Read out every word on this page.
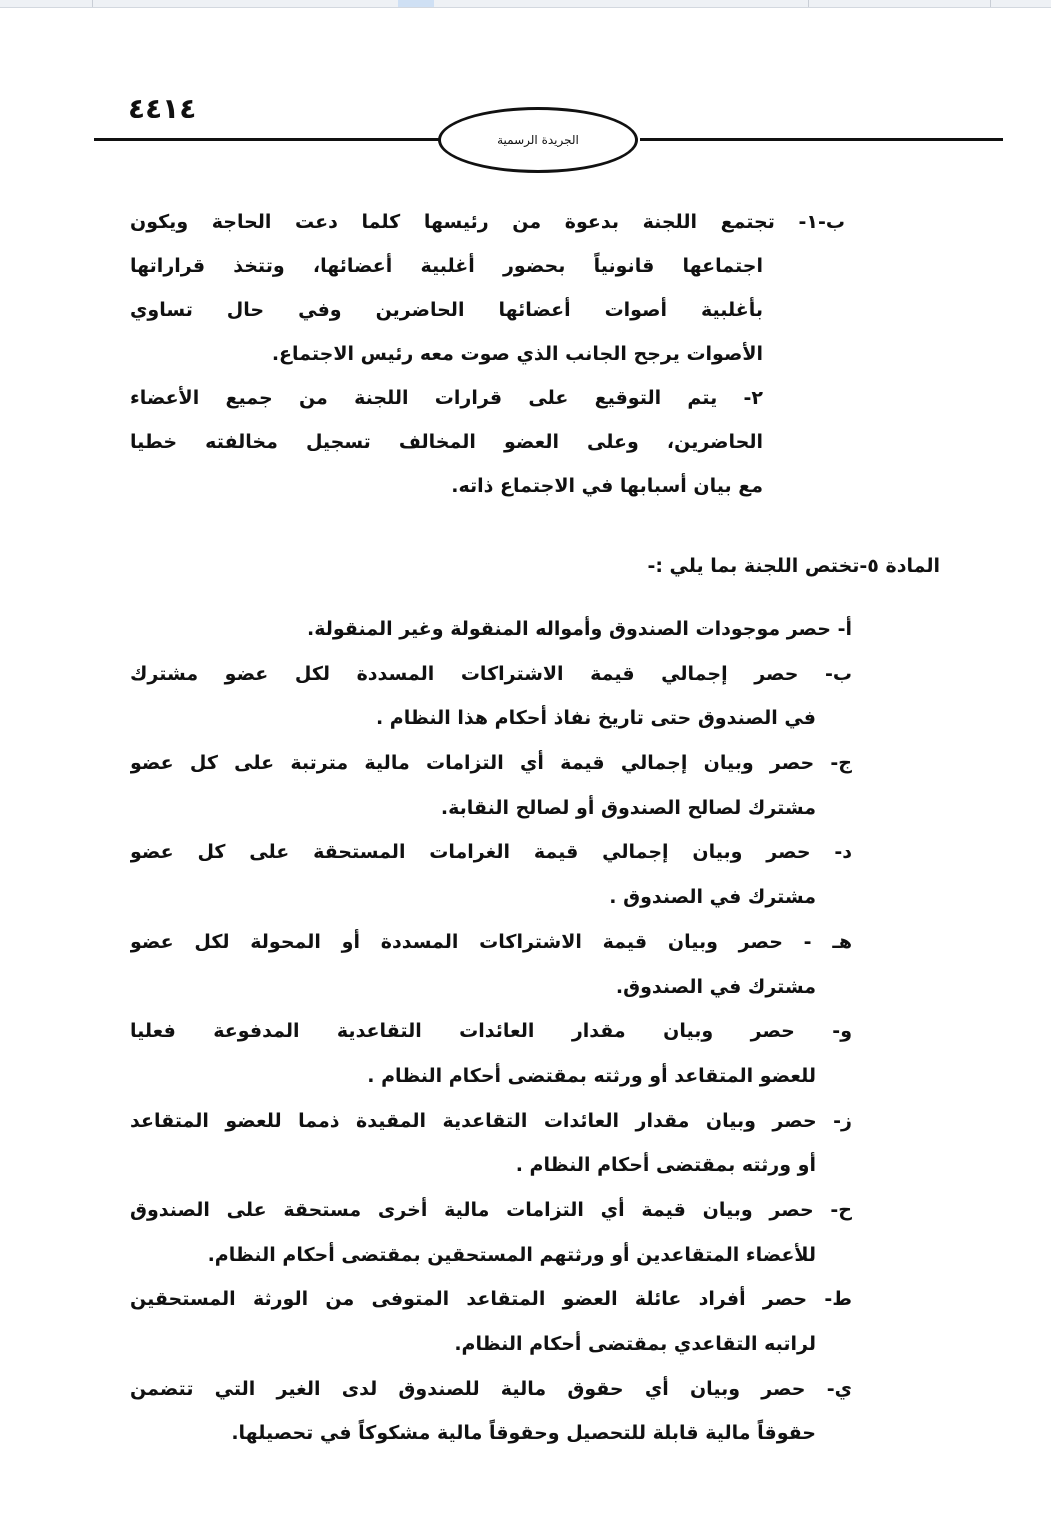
٤٤١٤
الجريدة الرسمية
ب-١- تجتمع اللجنة بدعوة من رئيسها كلما دعت الحاجة ويكون
اجتماعها قانونياً بحضور أغلبية أعضائها، وتتخذ قراراتها
بأغلبية أصوات أعضائها الحاضرين وفي حال تساوي
الأصوات يرجح الجانب الذي صوت معه رئيس الاجتماع.
٢- يتم التوقيع على قرارات اللجنة من جميع الأعضاء
الحاضرين، وعلى العضو المخالف تسجيل مخالفته خطيا
مع بيان أسبابها في الاجتماع ذاته.
المادة ٥-تختص اللجنة بما يلي :-
أ- حصر موجودات الصندوق وأمواله المنقولة وغير المنقولة.
ب- حصر إجمالي قيمة الاشتراكات المسددة لكل عضو مشترك
في الصندوق حتى تاريخ نفاذ أحكام هذا النظام .
ج- حصر وبيان إجمالي قيمة أي التزامات مالية مترتبة على كل عضو
مشترك لصالح الصندوق أو لصالح النقابة.
د- حصر وبيان إجمالي قيمة الغرامات المستحقة على كل عضو
مشترك في الصندوق .
هـ - حصر وبيان قيمة الاشتراكات المسددة أو المحولة لكل عضو
مشترك في الصندوق.
و- حصر وبيان مقدار العائدات التقاعدية المدفوعة فعليا
للعضو المتقاعد أو ورثته بمقتضى أحكام النظام .
ز- حصر وبيان مقدار العائدات التقاعدية المقيدة ذمما للعضو المتقاعد
أو ورثته بمقتضى أحكام النظام .
ح- حصر وبيان قيمة أي التزامات مالية أخرى مستحقة على الصندوق
للأعضاء المتقاعدين أو ورثتهم المستحقين بمقتضى أحكام النظام.
ط- حصر أفراد عائلة العضو المتقاعد المتوفى من الورثة المستحقين
لراتبه التقاعدي بمقتضى أحكام النظام.
ي- حصر وبيان أي حقوق مالية للصندوق لدى الغير التي تتضمن
حقوقاً مالية قابلة للتحصيل وحقوقاً مالية مشكوكاً في تحصيلها.
